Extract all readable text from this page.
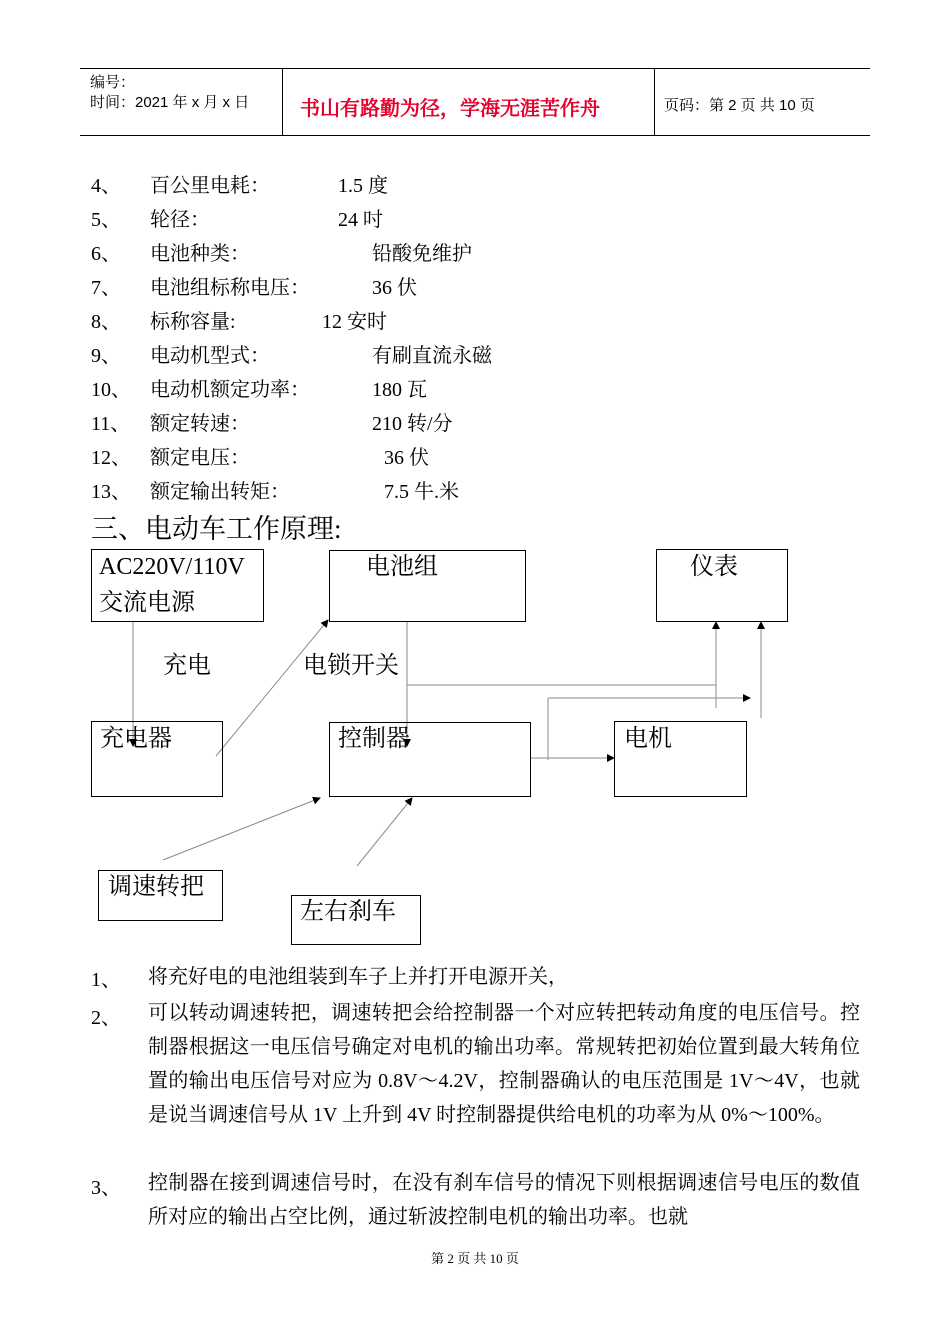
编号：
时间：2021 年 x 月 x 日	书山有路勤为径，学海无涯苦作舟	页码：第 2 页 共 10 页
4、 百公里电耗：	1.5 度
5、 轮径：	24 吋
6、 电池种类：	铅酸免维护
7、 电池组标称电压：	36 伏
8、 标称容量:	12 安时
9、 电动机型式：	有刷直流永磁
10、 电动机额定功率：	180 瓦
11、 额定转速：	210 转/分
12、 额定电压：	36 伏
13、 额定输出转矩：	7.5 牛.米
三、电动车工作原理:
AC220V/110V
交流电源
电池组	仪表
充电	电锁开关
充电器	控制器	电机
调速转把
左右刹车
1、 将充好电的电池组装到车子上并打开电源开关，
2、 可以转动调速转把，调速转把会给控制器一个对应转把转动角度的电压信号。控制器根据这一电压信号确定对电机的输出功率。常规转把初始位置到最大转角位置的输出电压信号对应为 0.8V～4.2V，控制器确认的电压范围是 1V～4V，也就是说当调速信号从 1V 上升到 4V 时控制器提供给电机的功率为从 0%～100%。
3、 控制器在接到调速信号时，在没有刹车信号的情况下则根据调速信号电压的数值所对应的输出占空比例，通过斩波控制电机的输出功率。也就
第 2 页 共 10 页
